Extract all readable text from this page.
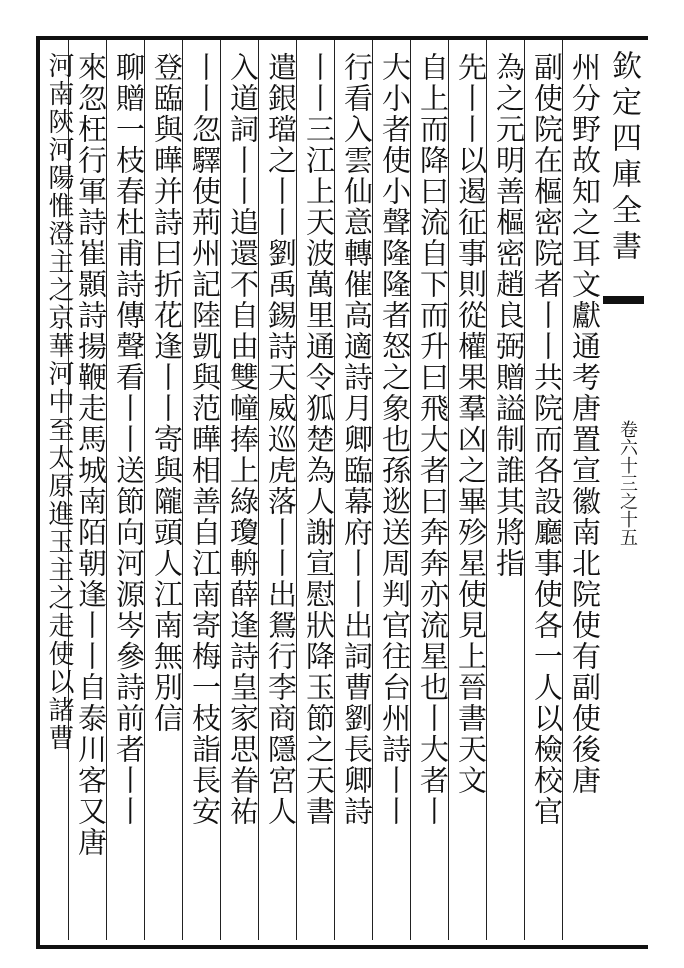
欽定四庫全書
卷六十三之十五
州分野故知之耳文獻通考唐置宣徽南北院使有副使後唐
副使院在樞密院者丨丨共院而各設廳事使各一人以檢校官
為之元明善樞密趙良弼贈謚制誰其將指
先丨丨以遏征事則從權果羣凶之畢殄星使見上晉書天文
自上而降曰流自下而升曰飛大者曰奔奔亦流星也丨大者丨
大小者使小聲隆隆者怒之象也孫逖送周判官往台州詩丨丨
行看入雲仙意轉催高適詩月卿臨幕府丨丨出詞曹劉長卿詩
丨丨三江上天波萬里通令狐楚為人謝宣慰狀降玉節之天書
遣銀璫之丨丨劉禹錫詩天威巡虎落丨丨出鴛行李商隱宮人
入道詞丨丨追還不自由雙幢捧上綠瓊輈薛逢詩皇家思眷祐
丨丨忽驛使荊州記陸凱與范曄相善自江南寄梅一枝詣長安
登臨與曄并詩曰折花逢丨丨寄與隴頭人江南無別信
聊贈一枝春杜甫詩傳聲看丨丨送節向河源岑參詩前者丨丨
來忽枉行軍詩崔顥詩揚鞭走馬城南陌朝逢丨丨自泰川客又唐
河南陝河陽惟澄主之京華河中至太原進玉主之走使以諸曹
